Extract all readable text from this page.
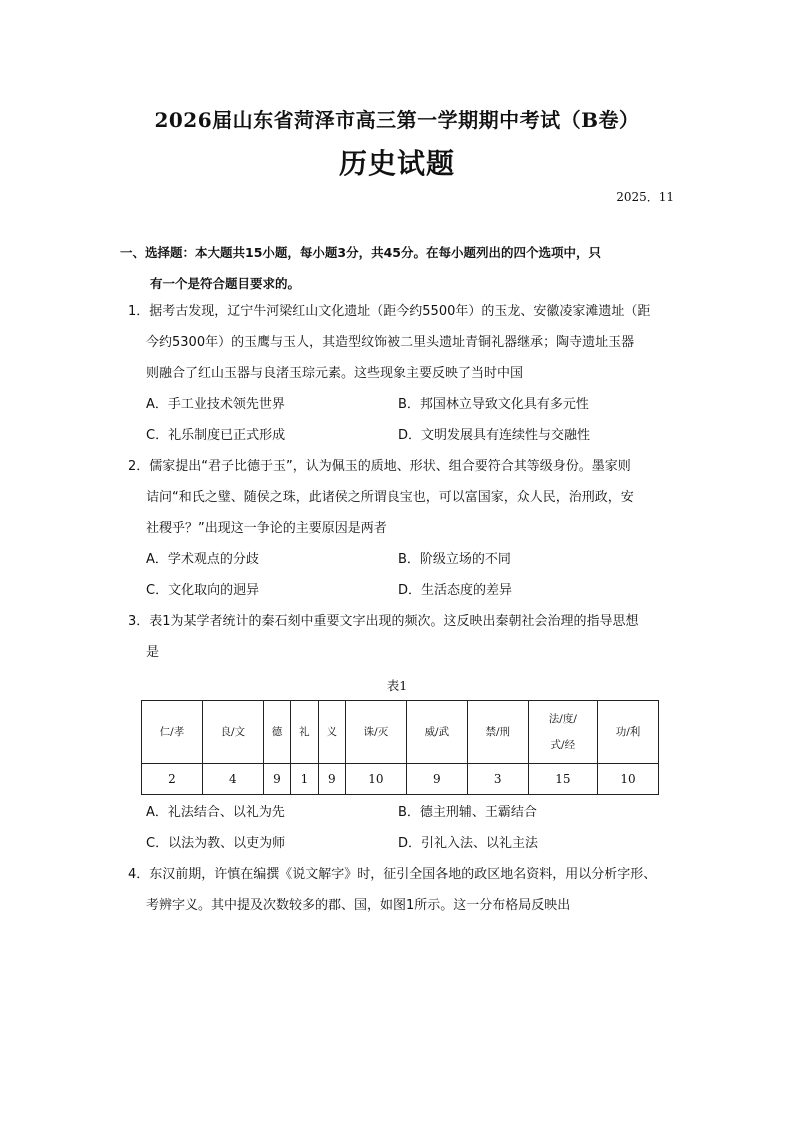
2026届山东省菏泽市高三第一学期期中考试（B卷）
历史试题
2025．11
一、选择题：本大题共15小题，每小题3分，共45分。在每小题列出的四个选项中，只
有一个是符合题目要求的。
1．据考古发现，辽宁牛河梁红山文化遗址（距今约5500年）的玉龙、安徽凌家滩遗址（距
今约5300年）的玉鹰与玉人，其造型纹饰被二里头遗址青铜礼器继承；陶寺遗址玉器
则融合了红山玉器与良渚玉琮元素。这些现象主要反映了当时中国
A．手工业技术领先世界	B．邦国林立导致文化具有多元性
C．礼乐制度已正式形成	D．文明发展具有连续性与交融性
2．儒家提出“君子比德于玉”，认为佩玉的质地、形状、组合要符合其等级身份。墨家则
诘问“和氏之璧、随侯之珠，此诸侯之所谓良宝也，可以富国家，众人民，治刑政，安
社稷乎？”出现这一争论的主要原因是两者
A．学术观点的分歧	B．阶级立场的不同
C．文化取向的迥异	D．生活态度的差异
3．表1为某学者统计的秦石刻中重要文字出现的频次。这反映出秦朝社会治理的指导思想
是
表1
仁/孝	良/文	德	礼	义	诛/灭	威/武	禁/刑	法/度/
式/经	功/利
2	4	9	1	9	10	9	3	15	10
A．礼法结合、以礼为先	B．德主刑辅、王霸结合
C．以法为教、以吏为师	D．引礼入法、以礼主法
4．东汉前期，许慎在编撰《说文解字》时，征引全国各地的政区地名资料，用以分析字形、
考辨字义。其中提及次数较多的郡、国，如图1所示。这一分布格局反映出
